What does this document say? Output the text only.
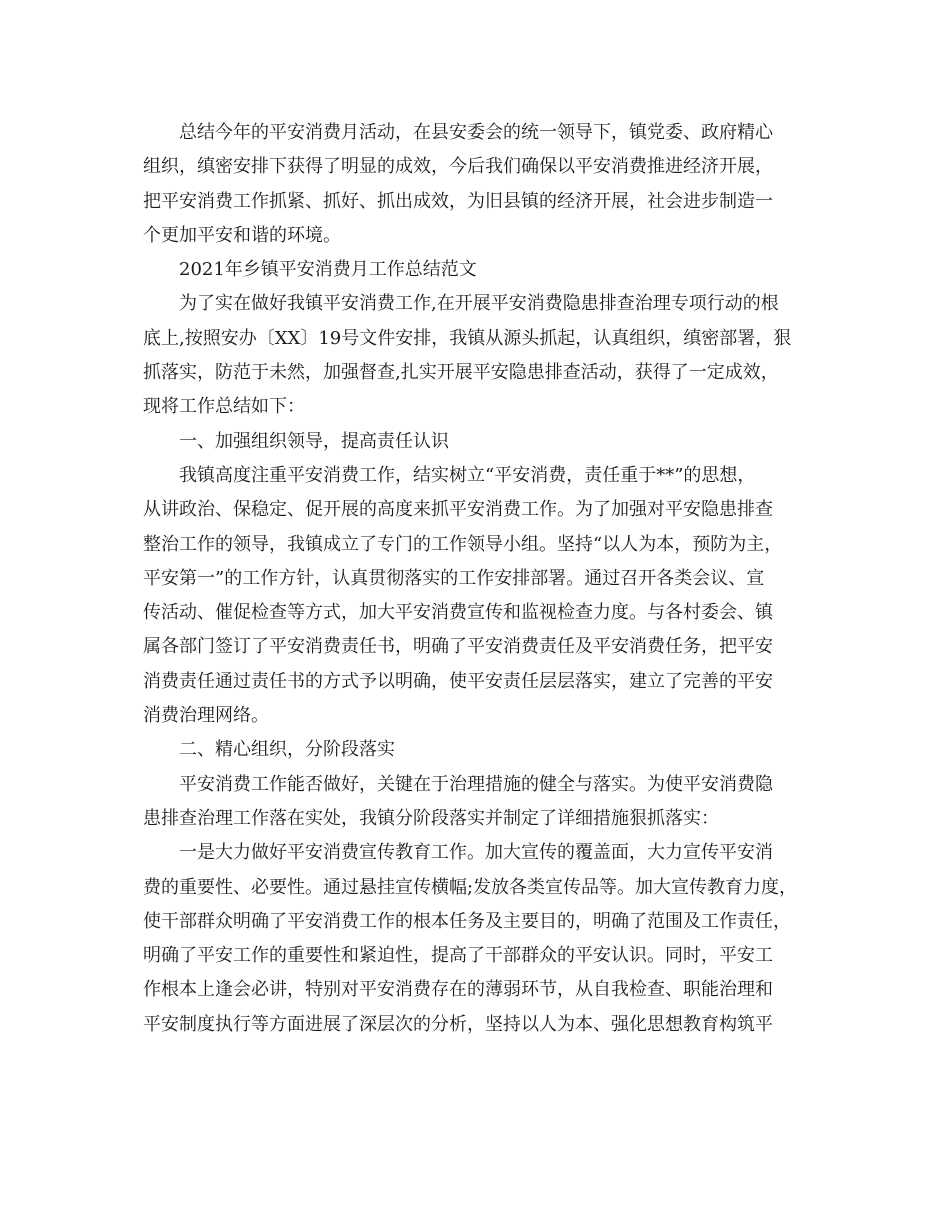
总结今年的平安消费月活动，在县安委会的统一领导下，镇党委、政府精心
组织，缜密安排下获得了明显的成效，今后我们确保以平安消费推进经济开展，
把平安消费工作抓紧、抓好、抓出成效，为旧县镇的经济开展，社会进步制造一
个更加平安和谐的环境。
2021年乡镇平安消费月工作总结范文
为了实在做好我镇平安消费工作,在开展平安消费隐患排查治理专项行动的根
底上,按照安办〔XX〕19号文件安排，我镇从源头抓起，认真组织，缜密部署，狠
抓落实，防范于未然，加强督查,扎实开展平安隐患排查活动，获得了一定成效，
现将工作总结如下：
一、加强组织领导，提高责任认识
我镇高度注重平安消费工作，结实树立“平安消费，责任重于**”的思想，
从讲政治、保稳定、促开展的高度来抓平安消费工作。为了加强对平安隐患排查
整治工作的领导，我镇成立了专门的工作领导小组。坚持“以人为本，预防为主，
平安第一”的工作方针，认真贯彻落实的工作安排部署。通过召开各类会议、宣
传活动、催促检查等方式，加大平安消费宣传和监视检查力度。与各村委会、镇
属各部门签订了平安消费责任书，明确了平安消费责任及平安消费任务，把平安
消费责任通过责任书的方式予以明确，使平安责任层层落实，建立了完善的平安
消费治理网络。
二、精心组织，分阶段落实
平安消费工作能否做好，关键在于治理措施的健全与落实。为使平安消费隐
患排查治理工作落在实处，我镇分阶段落实并制定了详细措施狠抓落实：
一是大力做好平安消费宣传教育工作。加大宣传的覆盖面，大力宣传平安消
费的重要性、必要性。通过悬挂宣传横幅;发放各类宣传品等。加大宣传教育力度，
使干部群众明确了平安消费工作的根本任务及主要目的，明确了范围及工作责任，
明确了平安工作的重要性和紧迫性，提高了干部群众的平安认识。同时，平安工
作根本上逢会必讲，特别对平安消费存在的薄弱环节，从自我检查、职能治理和
平安制度执行等方面进展了深层次的分析，坚持以人为本、强化思想教育构筑平
